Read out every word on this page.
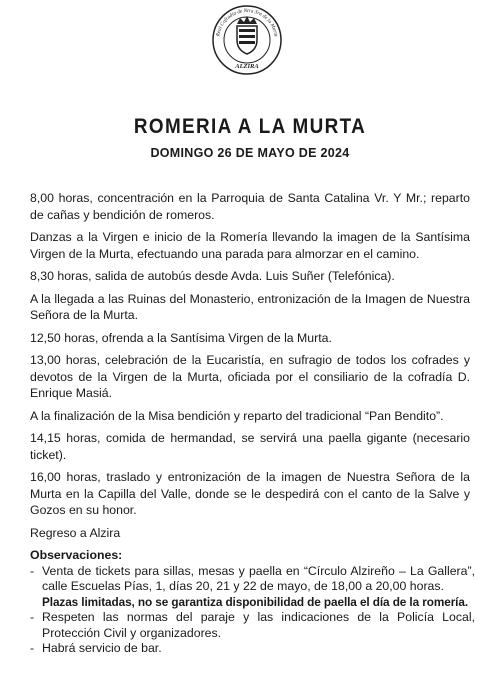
Real Cofradía de Ntra Sra de la Murta
ALZIRA
ROMERIA A LA MURTA
DOMINGO 26 DE MAYO DE 2024

8,00 horas, concentración en la Parroquia de Santa Catalina Vr. Y Mr.; reparto de cañas y bendición de romeros.

Danzas a la Virgen e inicio de la Romería llevando la imagen de la Santísima Virgen de la Murta, efectuando una parada para almorzar en el camino.

8,30 horas, salida de autobús desde Avda. Luis Suñer (Telefónica).

A la llegada a las Ruinas del Monasterio, entronización de la Imagen de Nuestra Señora de la Murta.

12,50 horas, ofrenda a la Santísima Virgen de la Murta.

13,00 horas, celebración de la Eucaristía, en sufragio de todos los cofrades y devotos de la Virgen de la Murta, oficiada por el consiliario de la cofradía D. Enrique Masiá.

A la finalización de la Misa bendición y reparto del tradicional “Pan Bendito”.

14,15 horas, comida de hermandad, se servirá una paella gigante (necesario ticket).

16,00 horas, traslado y entronización de la imagen de Nuestra Señora de la Murta en la Capilla del Valle, donde se le despedirá con el canto de la Salve y Gozos en su honor.

Regreso a Alzira

Observaciones:

- Venta de tickets para sillas, mesas y paella en “Círculo Alzireño – La Gallera”, calle Escuelas Pías, 1, días 20, 21 y 22 de mayo, de 18,00 a 20,00 horas.

Plazas limitadas, no se garantiza disponibilidad de paella el día de la romería.

- Respeten las normas del paraje y las indicaciones de la Policía Local, Protección Civil y organizadores.
- Habrá servicio de bar.
